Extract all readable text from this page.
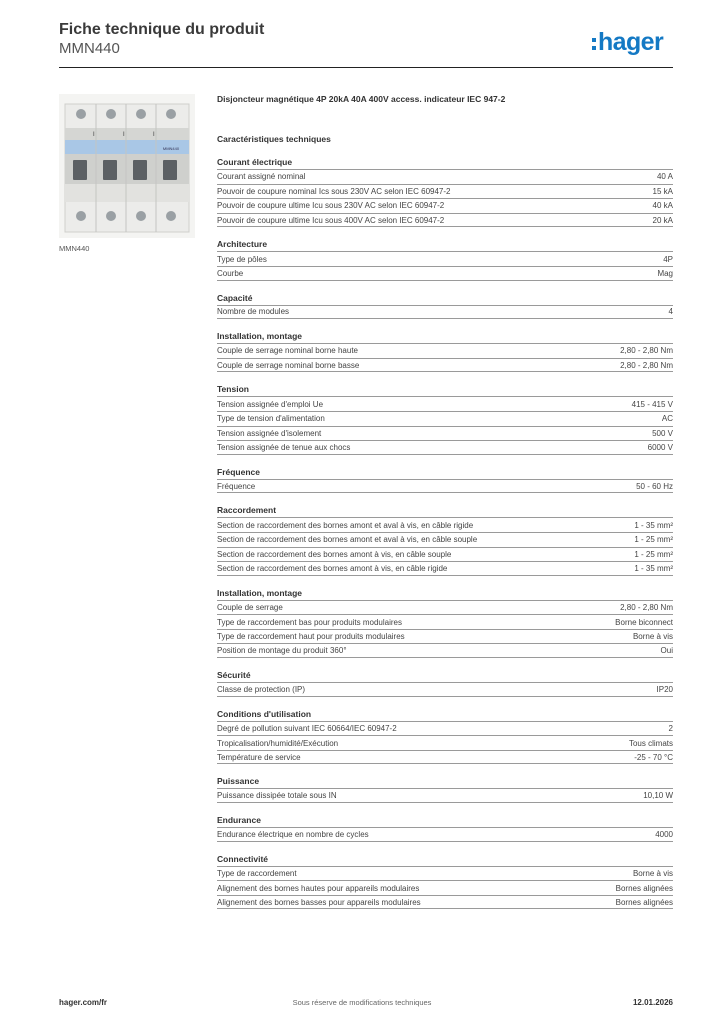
Fiche technique du produit
MMN440	hager
MMN440
I	I	I
MMN440
Disjoncteur magnétique 4P 20kA 40A 400V access. indicateur IEC 947-2
Caractéristiques techniques
Courant électrique
Courant assigné nominal	40 A
Pouvoir de coupure nominal Ics sous 230V AC selon IEC 60947-2	15 kA
Pouvoir de coupure ultime Icu sous 230V AC selon IEC 60947-2	40 kA
Pouvoir de coupure ultime Icu sous 400V AC selon IEC 60947-2	20 kA
Architecture
Type de pôles	4P
Courbe	Mag
Capacité
Nombre de modules	4
Installation, montage
Couple de serrage nominal borne haute	2,80 - 2,80 Nm
Couple de serrage nominal borne basse	2,80 - 2,80 Nm
Tension
Tension assignée d'emploi Ue	415 - 415 V
Type de tension d'alimentation	AC
Tension assignée d'isolement	500 V
Tension assignée de tenue aux chocs	6000 V
Fréquence
Fréquence	50 - 60 Hz
Raccordement
Section de raccordement des bornes amont et aval à vis, en câble rigide	1 - 35 mm²
Section de raccordement des bornes amont et aval à vis, en câble souple	1 - 25 mm²
Section de raccordement des bornes amont à vis, en câble souple	1 - 25 mm²
Section de raccordement des bornes amont à vis, en câble rigide	1 - 35 mm²
Installation, montage
Couple de serrage	2,80 - 2,80 Nm
Type de raccordement bas pour produits modulaires	Borne biconnect
Type de raccordement haut pour produits modulaires	Borne à vis
Position de montage du produit 360°	Oui
Sécurité
Classe de protection (IP)	IP20
Conditions d'utilisation
Degré de pollution suivant IEC 60664/IEC 60947-2	2
Tropicalisation/humidité/Exécution	Tous climats
Température de service	-25 - 70 °C
Puissance
Puissance dissipée totale sous IN	10,10 W
Endurance
Endurance électrique en nombre de cycles	4000
Connectivité
Type de raccordement	Borne à vis
Alignement des bornes hautes pour appareils modulaires	Bornes alignées
Alignement des bornes basses pour appareils modulaires	Bornes alignées
hager.com/fr	Sous réserve de modifications techniques	12.01.2026
